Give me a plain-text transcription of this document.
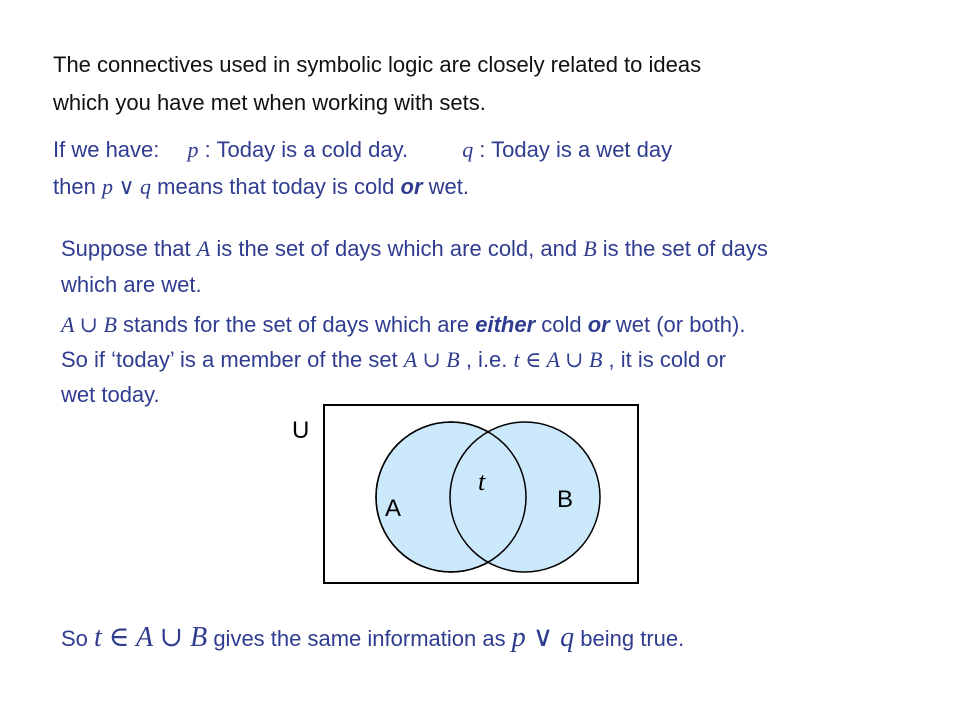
The connectives used in symbolic logic are closely related to ideas
which you have met when working with sets.
If we have: p : Today is a cold day. q : Today is a wet day
then p ∨ q means that today is cold or wet.
Suppose that A is the set of days which are cold, and B is the set of days
which are wet.
A ∪ B stands for the set of days which are either cold or wet (or both).
So if ‘today’ is a member of the set A ∪ B , i.e. t ∈ A ∪ B , it is cold or
wet today.
U
A	B
t
So t ∈ A ∪ B gives the same information as p ∨ q being true.
